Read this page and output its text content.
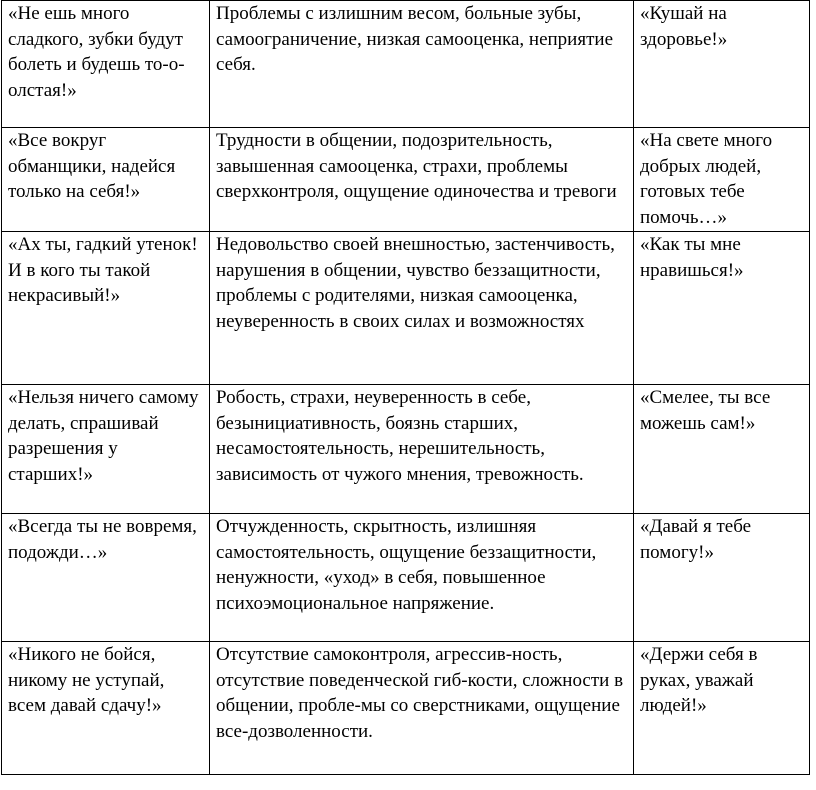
«Не ешь много сладкого, зубки будут болеть и будешь то-о-олстая!»	Проблемы с излишним весом, больные зубы, самоограничение, низкая самооценка, неприятие себя.	«Кушай на здоровье!»
«Все вокруг обманщики, надейся только на себя!»	Трудности в общении, подозрительность, завышенная самооценка, страхи, проблемы сверхконтроля, ощущение одиночества и тревоги	«На свете много добрых людей, готовых тебе помочь…»
«Ах ты, гадкий утенок! И в кого ты такой некрасивый!»	Недовольство своей внешностью, застенчивость, нарушения в общении, чувство беззащитности, проблемы с родителями, низкая самооценка, неуверенность в своих силах и возможностях	«Как ты мне нравишься!»
«Нельзя ничего самому делать, спрашивай разрешения у старших!»	Робость, страхи, неуверенность в себе, безынициативность, боязнь старших, несамостоятельность, нерешительность, зависимость от чужого мнения, тревожность.	«Смелее, ты все можешь сам!»
«Всегда ты не вовремя, подожди…»	Отчужденность, скрытность, излишняя самостоятельность, ощущение беззащитности, ненужности, «уход» в себя, повышенное психоэмоциональное напряжение.	«Давай я тебе помогу!»
«Никого не бойся, никому не уступай, всем давай сдачу!»	Отсутствие самоконтроля, агрессив-ность, отсутствие поведенческой гиб-кости, сложности в общении, пробле-мы со сверстниками, ощущение все-дозволенности.	«Держи себя в руках, уважай людей!»
